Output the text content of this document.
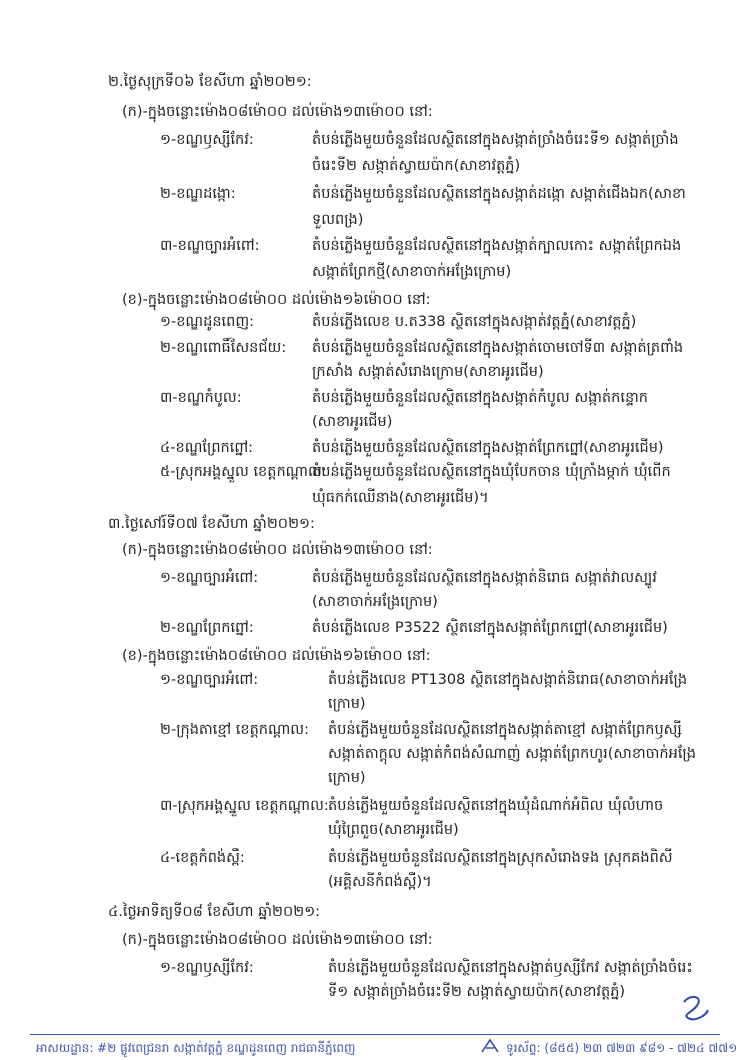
២.ថ្ងៃសុក្រទី០៦ ខែសីហា ឆ្នាំ២០២១:
(ក)-ក្នុងចន្លោះម៉ោង០៨ម៉ោ០០ ដល់ម៉ោង១៣ម៉ោ០០ នៅ:
១-ខណ្ឌឫស្សីកែវ:	តំបន់ភ្លើងមួយចំនួនដែលស្ថិតនៅក្នុងសង្កាត់ច្រាំងចំរេះទី១ សង្កាត់ច្រាំង
ចំរេះទី២ សង្កាត់ស្វាយប៉ាក(សាខាវត្តភ្នំ)
២-ខណ្ឌដង្កោ:	តំបន់ភ្លើងមួយចំនួនដែលស្ថិតនៅក្នុងសង្កាត់ដង្កោ សង្កាត់ជើងឯក(សាខា
ទួលពង្រ)
៣-ខណ្ឌច្បារអំពៅ:	តំបន់ភ្លើងមួយចំនួនដែលស្ថិតនៅក្នុងសង្កាត់ក្បាលកោះ សង្កាត់ព្រែកឯង
សង្កាត់ព្រែកថ្មី(សាខាចាក់អង្រែក្រោម)
(ខ)-ក្នុងចន្លោះម៉ោង០៨ម៉ោ០០ ដល់ម៉ោង១៦ម៉ោ០០ នៅ:
១-ខណ្ឌដូនពេញ:	តំបន់ភ្លើងលេខ ប.ត338 ស្ថិតនៅក្នុងសង្កាត់វត្តភ្នំ(សាខាវត្តភ្នំ)
២-ខណ្ឌពោធិ៍សែនជ័យ: តំបន់ភ្លើងមួយចំនួនដែលស្ថិតនៅក្នុងសង្កាត់ចោមចៅទី៣ សង្កាត់ត្រពាំង
ក្រសាំង សង្កាត់សំរោងក្រោម(សាខាអូរជើម)
៣-ខណ្ឌកំបូល:	តំបន់ភ្លើងមួយចំនួនដែលស្ថិតនៅក្នុងសង្កាត់កំបូល សង្កាត់កន្ទោក
(សាខាអូរជើម)
៤-ខណ្ឌព្រែកព្នៅ:	តំបន់ភ្លើងមួយចំនួនដែលស្ថិតនៅក្នុងសង្កាត់ព្រែកព្នៅ(សាខាអូរជើម)
៥-ស្រុកអង្គស្នួល ខេត្តកណ្ដាល:
តំបន់ភ្លើងមួយចំនួនដែលស្ថិតនៅក្នុងឃុំបែកចាន ឃុំក្រាំងម្កាក់ ឃុំពើក
ឃុំធកក់ឈើនាង(សាខាអូរជើម)។
៣.ថ្ងៃសៅរ៍ទី០៧ ខែសីហា ឆ្នាំ២០២១:
(ក)-ក្នុងចន្លោះម៉ោង០៨ម៉ោ០០ ដល់ម៉ោង១៣ម៉ោ០០ នៅ:
១-ខណ្ឌច្បារអំពៅ:	តំបន់ភ្លើងមួយចំនួនដែលស្ថិតនៅក្នុងសង្កាត់និរោធ សង្កាត់វាលស្បូវ
(សាខាចាក់អង្រែក្រោម)
២-ខណ្ឌព្រែកព្នៅ:	តំបន់ភ្លើងលេខ P3522 ស្ថិតនៅក្នុងសង្កាត់ព្រែកព្នៅ(សាខាអូរជើម)
(ខ)-ក្នុងចន្លោះម៉ោង០៨ម៉ោ០០ ដល់ម៉ោង១៦ម៉ោ០០ នៅ:
១-ខណ្ឌច្បារអំពៅ:	តំបន់ភ្លើងលេខ PT1308 ស្ថិតនៅក្នុងសង្កាត់និរោធ(សាខាចាក់អង្រែ
ក្រោម)
២-ក្រុងតាខ្មៅ ខេត្តកណ្ដាល: តំបន់ភ្លើងមួយចំនួនដែលស្ថិតនៅក្នុងសង្កាត់តាខ្មៅ សង្កាត់ព្រែកឫស្សី
សង្កាត់តាក្ដុល សង្កាត់កំពង់សំណាញ់ សង្កាត់ព្រែកហូរ(សាខាចាក់អង្រែ
ក្រោម)
៣-ស្រុកអង្គស្នួល ខេត្តកណ្ដាល: តំបន់ភ្លើងមួយចំនួនដែលស្ថិតនៅក្នុងឃុំដំណាក់អំពិល ឃុំលំហាច
ឃុំព្រៃពួច(សាខាអូរជើម)
៤-ខេត្តកំពង់ស្ពឺ:	តំបន់ភ្លើងមួយចំនួនដែលស្ថិតនៅក្នុងស្រុកសំរោងទង ស្រុកគងពិសី
(អគ្គិសនីកំពង់ស្ពឺ)។
៤.ថ្ងៃអាទិត្យទី០៨ ខែសីហា ឆ្នាំ២០២១:
(ក)-ក្នុងចន្លោះម៉ោង០៨ម៉ោ០០ ដល់ម៉ោង១៣ម៉ោ០០ នៅ:
១-ខណ្ឌឫស្សីកែវ:	តំបន់ភ្លើងមួយចំនួនដែលស្ថិតនៅក្នុងសង្កាត់ឫស្សីកែវ សង្កាត់ច្រាំងចំរេះ
ទី១ សង្កាត់ច្រាំងចំរេះទី២ សង្កាត់ស្វាយប៉ាក(សាខាវត្តភ្នំ)
អាសយដ្ឋាន: #២ ផ្លូវពេជ្រនរា សង្កាត់វត្តភ្នំ ខណ្ឌដូនពេញ រាជធានីភ្នំពេញ	ទូរស័ព្ទ: (៨៥៥) ២៣ ៧២៣ ៩៨១ - ៧២៤ ៧៧១
